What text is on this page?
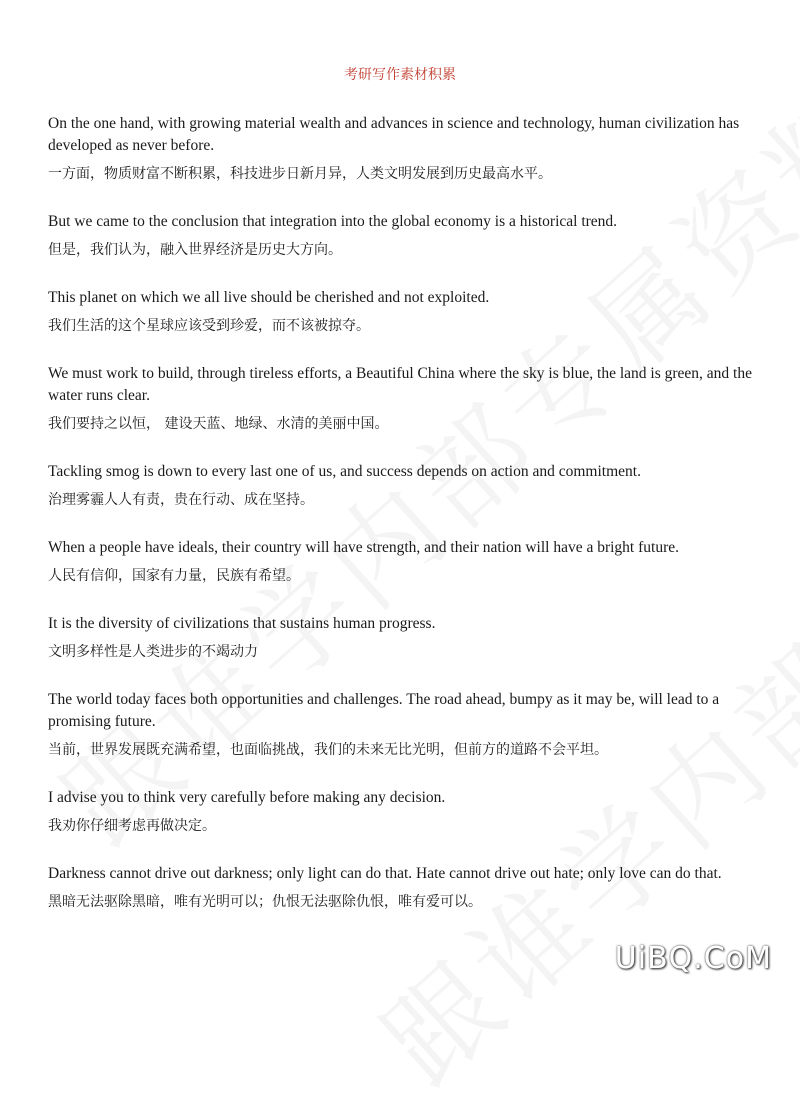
考研写作素材积累

On the one hand, with growing material wealth and advances in science and technology, human civilization has developed as never before.

一方面，物质财富不断积累，科技进步日新月异，人类文明发展到历史最高水平。

But we came to the conclusion that integration into the global economy is a historical trend.

但是，我们认为，融入世界经济是历史大方向。

This planet on which we all live should be cherished and not exploited.

我们生活的这个星球应该受到珍爱，而不该被掠夺。

We must work to build, through tireless efforts, a Beautiful China where the sky is blue, the land is green, and the water runs clear.

我们要持之以恒， 建设天蓝、地绿、水清的美丽中国。

Tackling smog is down to every last one of us, and success depends on action and commitment.

治理雾霾人人有责，贵在行动、成在坚持。

When a people have ideals, their country will have strength, and their nation will have a bright future.

人民有信仰，国家有力量，民族有希望。

It is the diversity of civilizations that sustains human progress.

文明多样性是人类进步的不竭动力

The world today faces both opportunities and challenges. The road ahead, bumpy as it may be, will lead to a promising future.

当前，世界发展既充满希望，也面临挑战，我们的未来无比光明，但前方的道路不会平坦。

I advise you to think very carefully before making any decision.

我劝你仔细考虑再做决定。

Darkness cannot drive out darkness; only light can do that. Hate cannot drive out hate; only love can do that.

黑暗无法驱除黑暗，唯有光明可以；仇恨无法驱除仇恨，唯有爱可以。

UiBQ.CoM
